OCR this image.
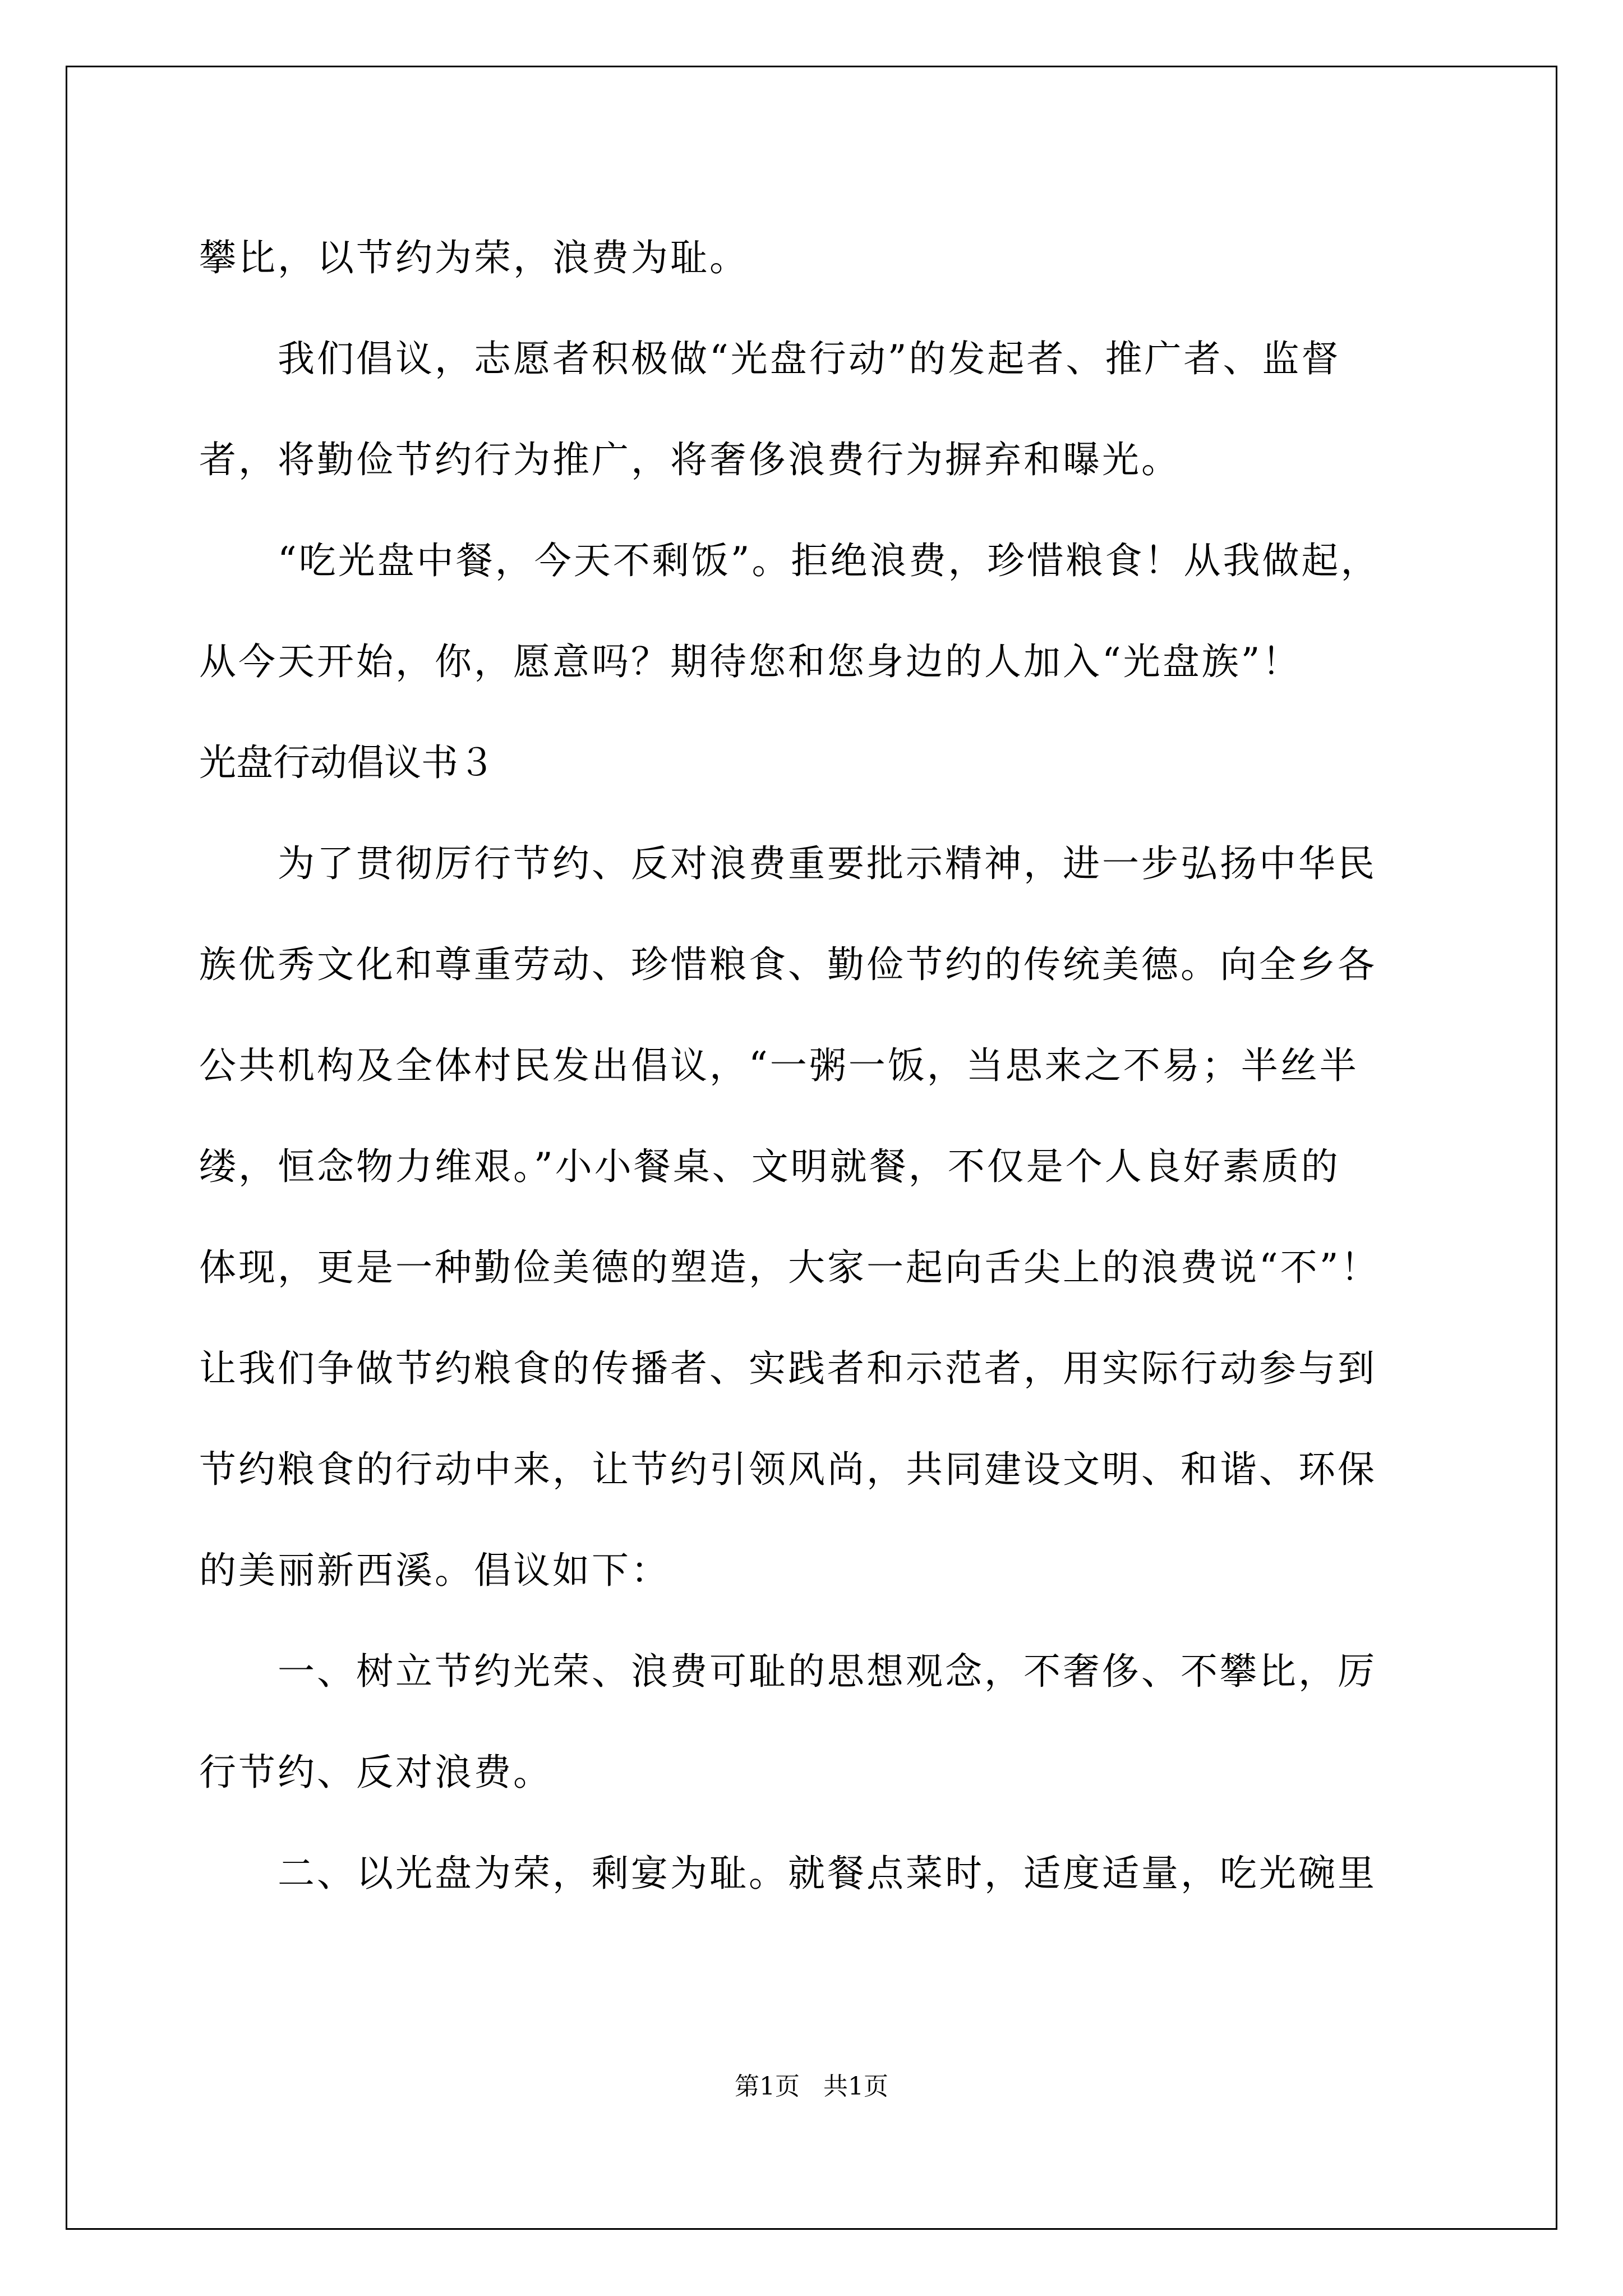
攀比，以节约为荣，浪费为耻。
我们倡议，志愿者积极做“光盘行动”的发起者、推广者、监督
者，将勤俭节约行为推广，将奢侈浪费行为摒弃和曝光。
“吃光盘中餐，今天不剩饭”。拒绝浪费，珍惜粮食！从我做起，
从今天开始，你，愿意吗？期待您和您身边的人加入“光盘族”！
光盘行动倡议书３
为了贯彻厉行节约、反对浪费重要批示精神，进一步弘扬中华民
族优秀文化和尊重劳动、珍惜粮食、勤俭节约的传统美德。向全乡各
公共机构及全体村民发出倡议，“一粥一饭，当思来之不易；半丝半
缕，恒念物力维艰。”小小餐桌、文明就餐，不仅是个人良好素质的
体现，更是一种勤俭美德的塑造，大家一起向舌尖上的浪费说“不”！
让我们争做节约粮食的传播者、实践者和示范者，用实际行动参与到
节约粮食的行动中来，让节约引领风尚，共同建设文明、和谐、环保
的美丽新西溪。倡议如下：
一、树立节约光荣、浪费可耻的思想观念，不奢侈、不攀比，厉
行节约、反对浪费。
二、以光盘为荣，剩宴为耻。就餐点菜时，适度适量，吃光碗里
第1页   共1页
